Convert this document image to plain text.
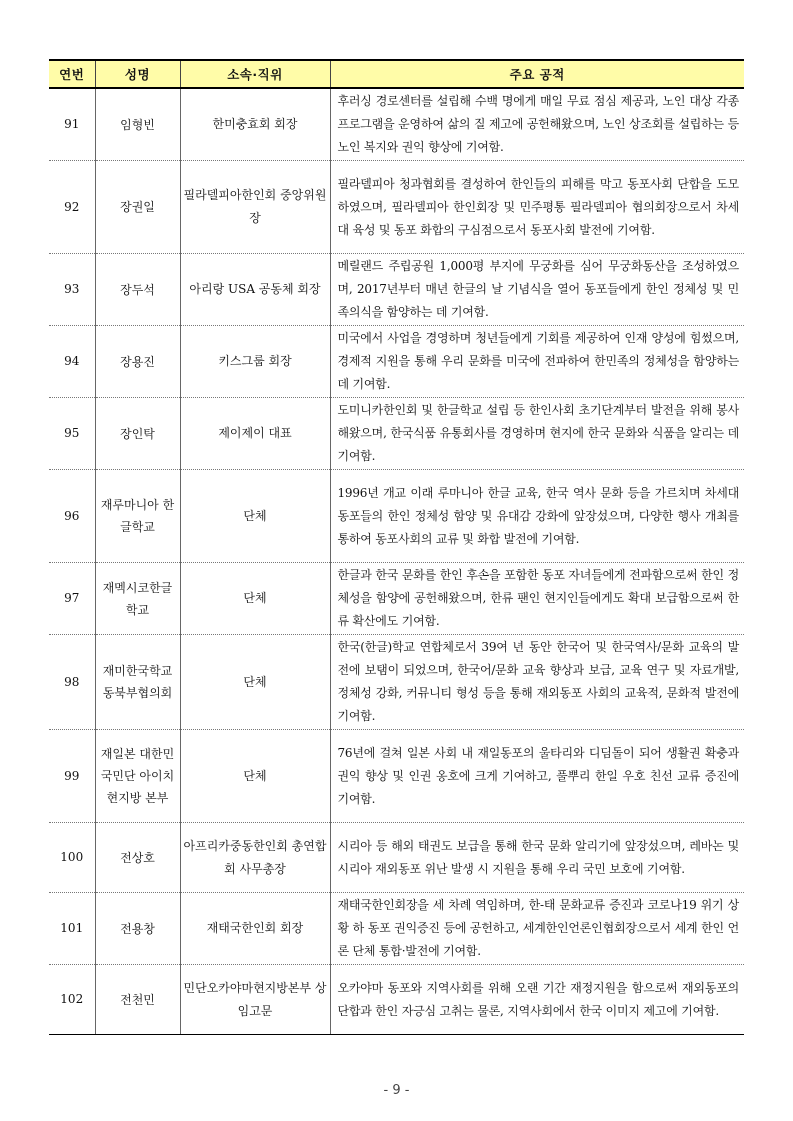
연번	성명	소속·직위	주요 공적
91	임형빈	한미충효회 회장	후러싱 경로센터를 설립해 수백 명에게 매일 무료 점심 제공과, 노인 대상 각종 프로그램을 운영하여 삶의 질 제고에 공헌해왔으며, 노인 상조회를 설립하는 등 노인 복지와 권익 향상에 기여함.
92	장권일	필라델피아한인회 중앙위원장	필라델피아 청과협회를 결성하여 한인들의 피해를 막고 동포사회 단합을 도모하였으며, 필라델피아 한인회장 및 민주평통 필라델피아 협의회장으로서 차세대 육성 및 동포 화합의 구심점으로서 동포사회 발전에 기여함.
93	장두석	아리랑 USA 공동체 회장	메릴랜드 주립공원 1,000평 부지에 무궁화를 심어 무궁화동산을 조성하였으며, 2017년부터 매년 한글의 날 기념식을 열어 동포들에게 한인 정체성 및 민족의식을 함양하는 데 기여함.
94	장용진	키스그룹 회장	미국에서 사업을 경영하며 청년들에게 기회를 제공하여 인재 양성에 힘썼으며, 경제적 지원을 통해 우리 문화를 미국에 전파하여 한민족의 정체성을 함양하는 데 기여함.
95	장인탁	제이제이 대표	도미니카한인회 및 한글학교 설립 등 한인사회 초기단계부터 발전을 위해 봉사해왔으며, 한국식품 유통회사를 경영하며 현지에 한국 문화와 식품을 알리는 데 기여함.
96	재루마니아 한글학교	단체	1996년 개교 이래 루마니아 한글 교육, 한국 역사 문화 등을 가르치며 차세대 동포들의 한인 정체성 함양 및 유대감 강화에 앞장섰으며, 다양한 행사 개최를 통하여 동포사회의 교류 및 화합 발전에 기여함.
97	재멕시코한글 학교	단체	한글과 한국 문화를 한인 후손을 포함한 동포 자녀들에게 전파함으로써 한인 정체성을 함양에 공헌해왔으며, 한류 팬인 현지인들에게도 확대 보급함으로써 한류 확산에도 기여함.
98	재미한국학교 동북부협의회	단체	한국(한글)학교 연합체로서 39여 년 동안 한국어 및 한국역사/문화 교육의 발전에 보탬이 되었으며, 한국어/문화 교육 향상과 보급, 교육 연구 및 자료개발, 정체성 강화, 커뮤니티 형성 등을 통해 재외동포 사회의 교육적, 문화적 발전에 기여함.
99	재일본 대한민국민단 아이치현지방 본부	단체	76년에 걸쳐 일본 사회 내 재일동포의 울타리와 디딤돌이 되어 생활권 확충과 권익 향상 및 인권 옹호에 크게 기여하고, 풀뿌리 한일 우호 친선 교류 증진에 기여함.
100	전상호	아프리카중동한인회 총연합회 사무총장	시리아 등 해외 태권도 보급을 통해 한국 문화 알리기에 앞장섰으며, 레바논 및 시리아 재외동포 위난 발생 시 지원을 통해 우리 국민 보호에 기여함.
101	전용창	재태국한인회 회장	재태국한인회장을 세 차례 역임하며, 한-태 문화교류 증진과 코로나19 위기 상황 하 동포 권익증진 등에 공헌하고, 세계한인언론인협회장으로서 세계 한인 언론 단체 통합·발전에 기여함.
102	전천민	민단오카야마현지방본부 상임고문	오카야마 동포와 지역사회를 위해 오랜 기간 재정지원을 함으로써 재외동포의 단합과 한인 자긍심 고취는 물론, 지역사회에서 한국 이미지 제고에 기여함.
- 9 -
